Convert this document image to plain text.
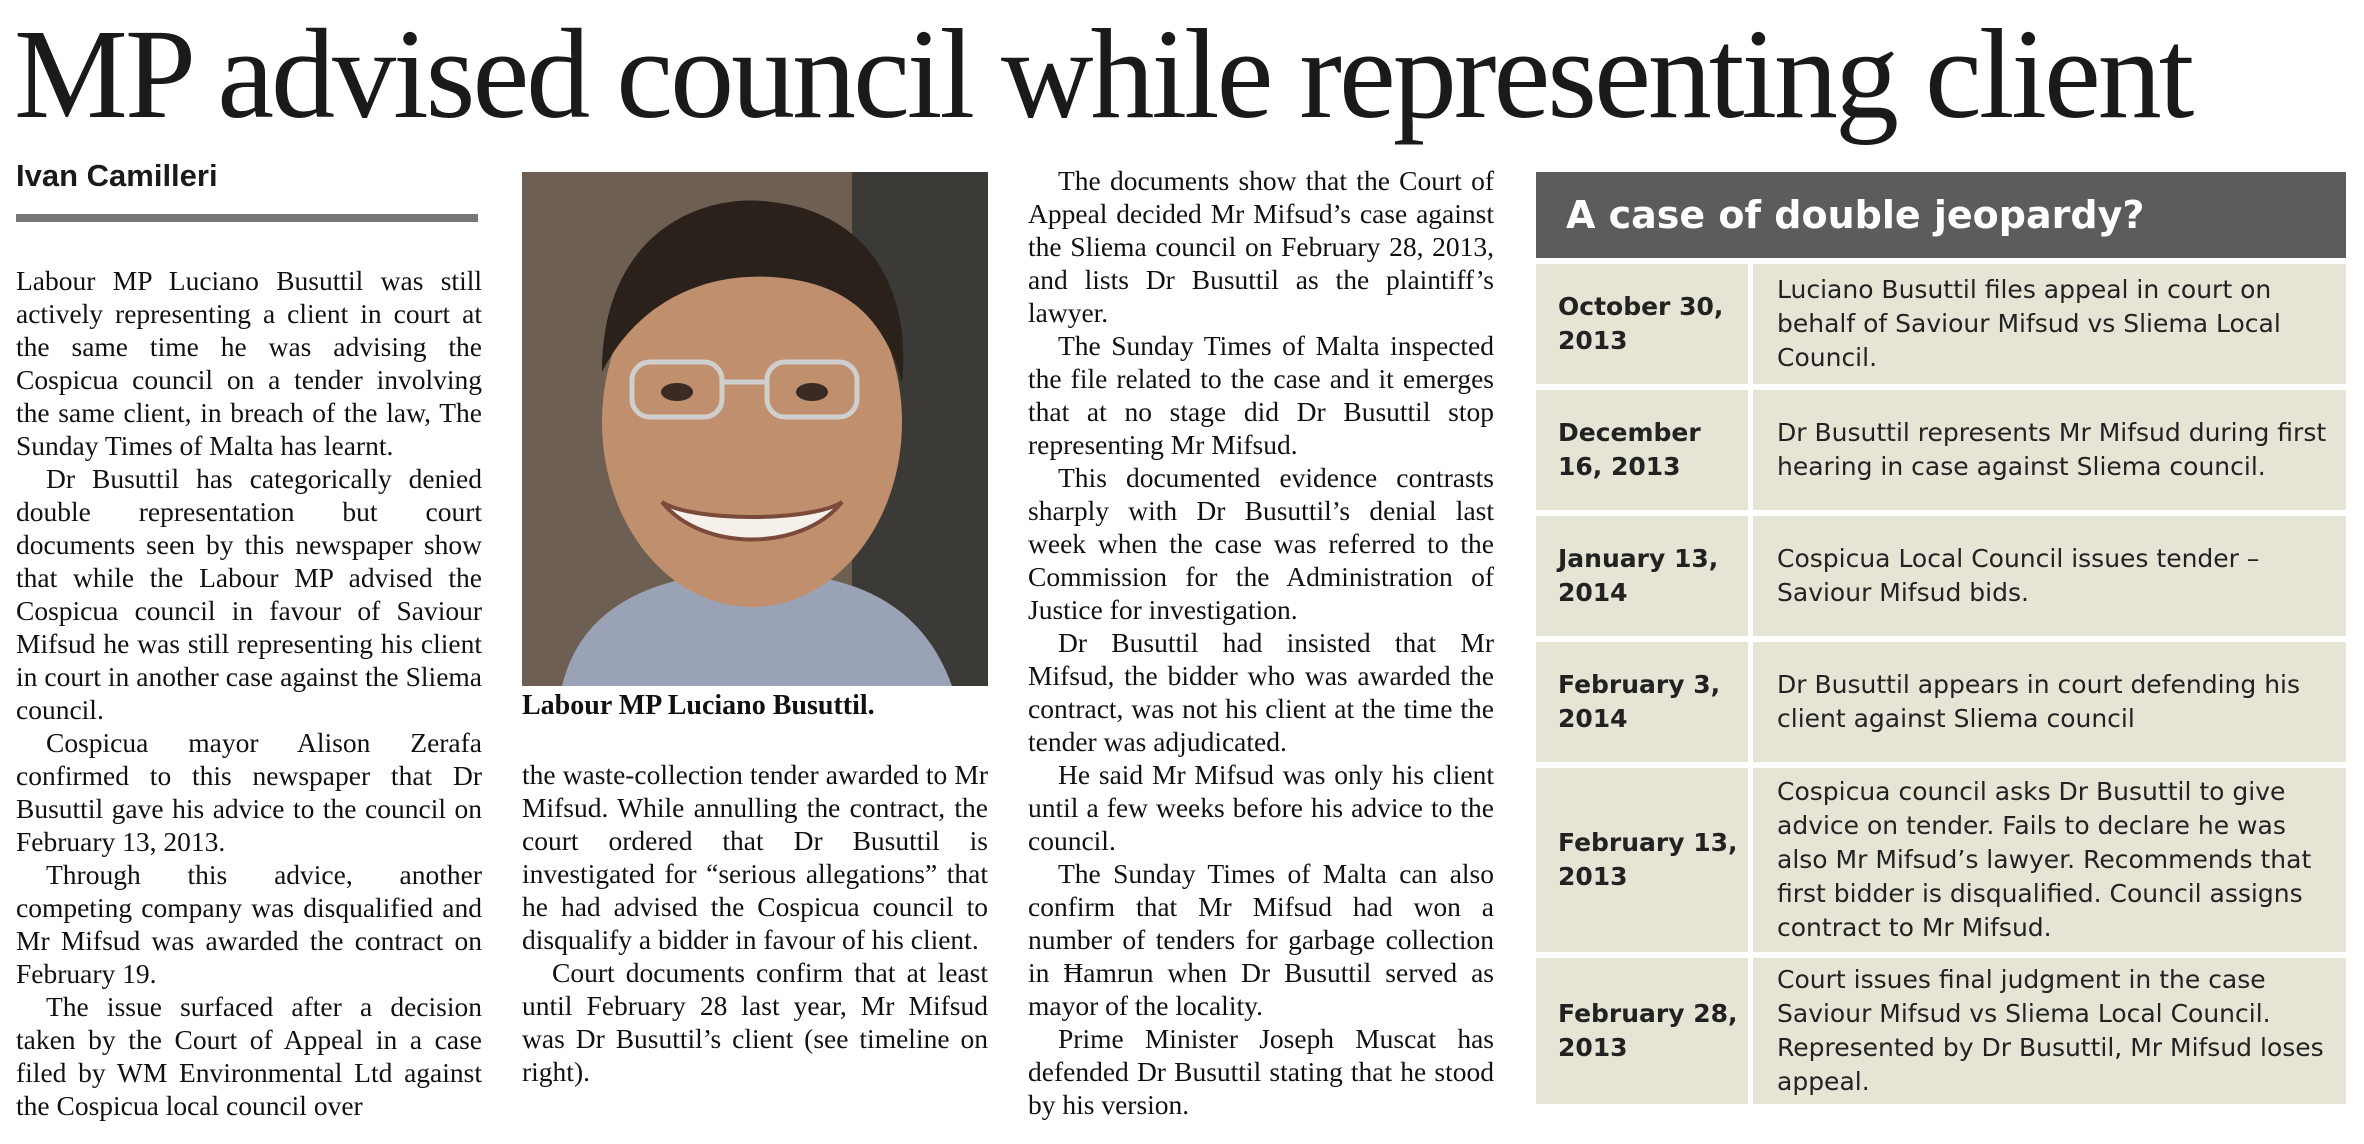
MP advised council while representing client
Ivan Camilleri

Labour MP Luciano Busuttil was still actively representing a client in court at the same time he was advising the Cospicua council on a tender involving the same client, in breach of the law, The Sunday Times of Malta has learnt.

Dr Busuttil has categorically denied double representation but court documents seen by this newspaper show that while the Labour MP advised the Cospicua council in favour of Saviour Mifsud he was still representing his client in court in another case against the Sliema council.

Cospicua mayor Alison Zerafa confirmed to this newspaper that Dr Busuttil gave his advice to the council on February 13, 2013.

Through this advice, another competing company was disqualified and Mr Mifsud was awarded the contract on February 19.

The issue surfaced after a decision taken by the Court of Appeal in a case filed by WM Environmental Ltd against the Cospicua local council over

Labour MP Luciano Busuttil.

the waste-collection tender awarded to Mr Mifsud. While annulling the contract, the court ordered that Dr Busuttil is investigated for “serious allegations” that he had advised the Cospicua council to disqualify a bidder in favour of his client.

Court documents confirm that at least until February 28 last year, Mr Mifsud was Dr Busuttil’s client (see timeline on right).

The documents show that the Court of Appeal decided Mr Mifsud’s case against the Sliema council on February 28, 2013, and lists Dr Busuttil as the plaintiff’s lawyer.

The Sunday Times of Malta inspected the file related to the case and it emerges that at no stage did Dr Busuttil stop representing Mr Mifsud.

This documented evidence contrasts sharply with Dr Busuttil’s denial last week when the case was referred to the Commission for the Administration of Justice for investigation.

Dr Busuttil had insisted that Mr Mifsud, the bidder who was awarded the contract, was not his client at the time the tender was adjudicated.

He said Mr Mifsud was only his client until a few weeks before his advice to the council.

The Sunday Times of Malta can also confirm that Mr Mifsud had won a number of tenders for garbage collection in Ħamrun when Dr Busuttil served as mayor of the locality.

Prime Minister Joseph Muscat has defended Dr Busuttil stating that he stood by his version.

A case of double jeopardy?
October 30, 2013
Luciano Busuttil files appeal in court on behalf of Saviour Mifsud vs Sliema Local Council.
December 16, 2013
Dr Busuttil represents Mr Mifsud during first hearing in case against Sliema council.
January 13, 2014
Cospicua Local Council issues tender – Saviour Mifsud bids.
February 3, 2014
Dr Busuttil appears in court defending his client against Sliema council
February 13, 2013
Cospicua council asks Dr Busuttil to give advice on tender. Fails to declare he was also Mr Mifsud’s lawyer. Recommends that first bidder is disqualified. Council assigns contract to Mr Mifsud.
February 28, 2013
Court issues final judgment in the case Saviour Mifsud vs Sliema Local Council. Represented by Dr Busuttil, Mr Mifsud loses appeal.
